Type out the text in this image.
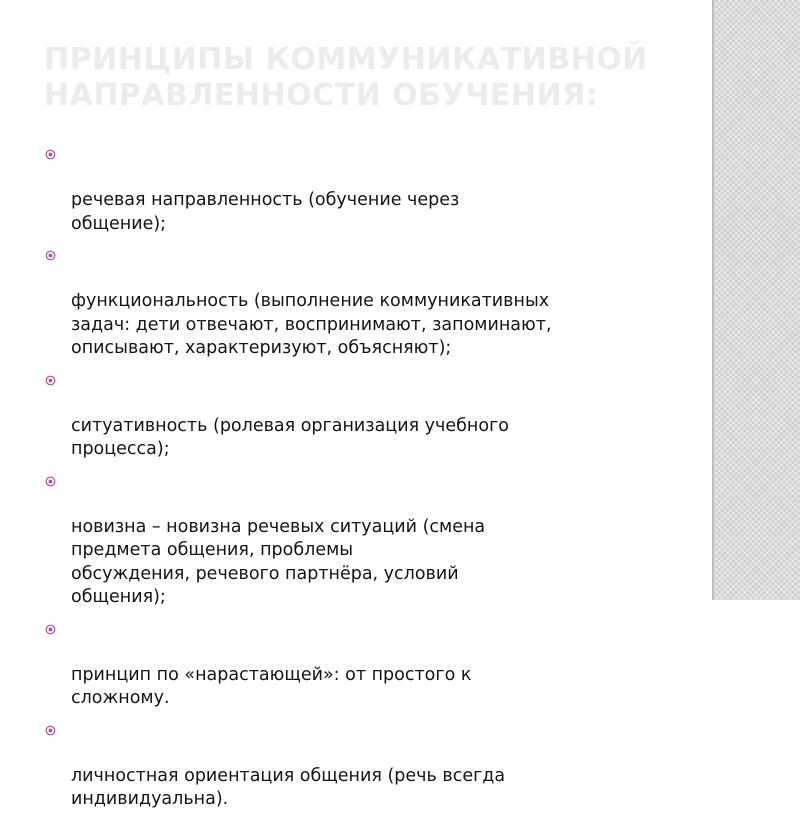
ПРИНЦИПЫ КОММУНИКАТИВНОЙ НАПРАВЛЕННОСТИ ОБУЧЕНИЯ:

речевая направленность (обучение через
общение);

функциональность (выполнение коммуникативных
задач: дети отвечают, воспринимают, запоминают,
описывают, характеризуют, объясняют);

ситуативность (ролевая организация учебного
процесса);

новизна – новизна речевых ситуаций (смена
предмета общения, проблемы
обсуждения, речевого партнёра, условий
общения);

принцип по «нарастающей»: от простого к
сложному.

личностная ориентация общения (речь всегда
индивидуальна).
